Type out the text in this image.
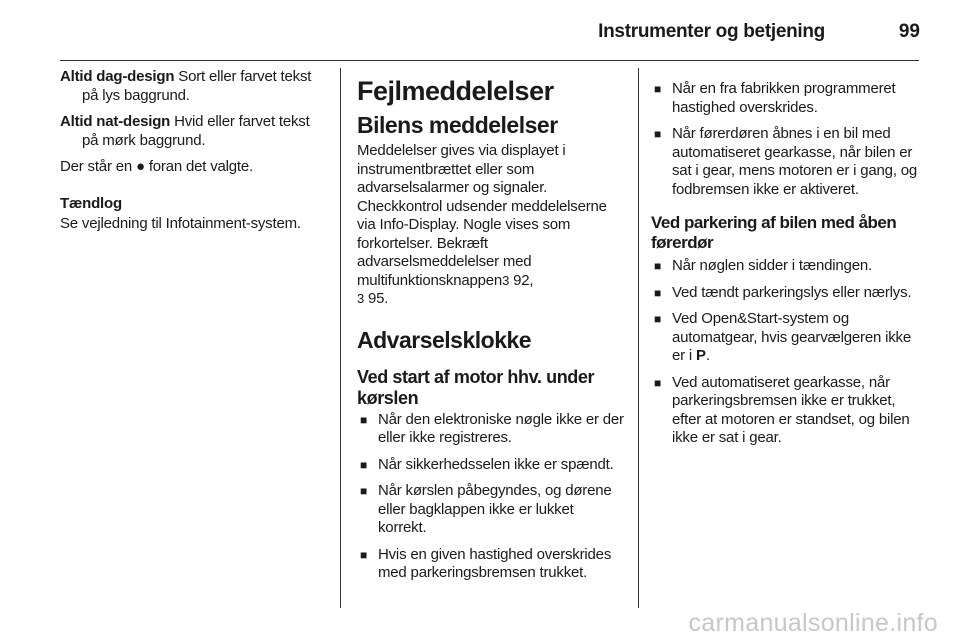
Instrumenter og betjening	99

Altid dag-design Sort eller farvet tekst på lys baggrund.

Altid nat-design Hvid eller farvet tekst på mørk baggrund.

Der står en ● foran det valgte.

Tændlog
Se vejledning til Infotainment-system.
Fejlmeddelelser
Bilens meddelelser

Meddelelser gives via displayet i instrumentbrættet eller som advarselsalarmer og signaler. Checkkontrol udsender meddelelserne via Info-Display. Nogle vises som forkortelser. Bekræft advarselsmeddelelser med multifunktionsknappen3 92,
3 95.

Advarselsklokke
Ved start af motor hhv. under kørslen
■ Når den elektroniske nøgle ikke er der eller ikke registreres.
■ Når sikkerhedsselen ikke er spændt.
■ Når kørslen påbegyndes, og dørene eller bagklappen ikke er lukket korrekt.
■ Hvis en given hastighed overskrides med parkeringsbremsen trukket.
■ Når en fra fabrikken programmeret hastighed overskrides.
■ Når førerdøren åbnes i en bil med automatiseret gearkasse, når bilen er sat i gear, mens motoren er i gang, og fodbremsen ikke er aktiveret.
Ved parkering af bilen med åben førerdør
■ Når nøglen sidder i tændingen.
■ Ved tændt parkeringslys eller nærlys.
■ Ved Open&Start-system og automatgear, hvis gearvælgeren ikke er i P.
■ Ved automatiseret gearkasse, når parkeringsbremsen ikke er trukket, efter at motoren er standset, og bilen ikke er sat i gear.
carmanualsonline.info
